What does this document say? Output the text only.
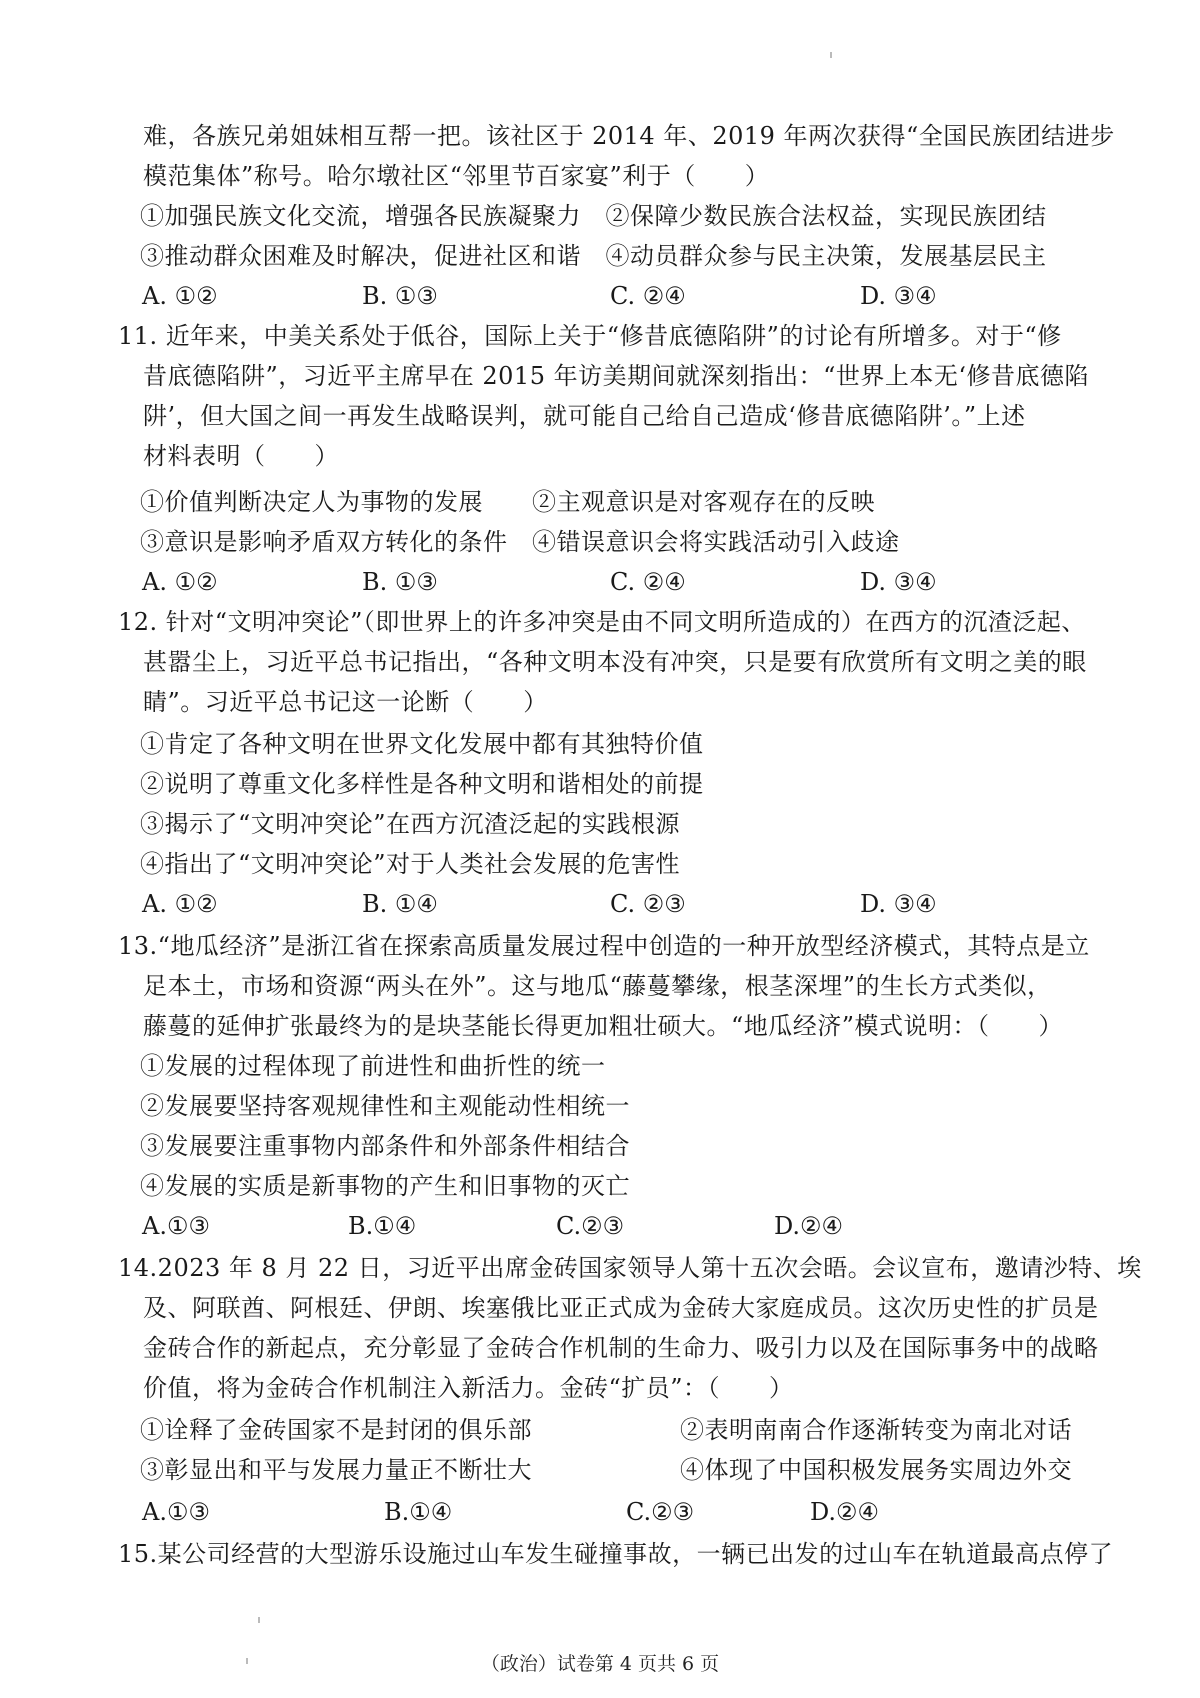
难，各族兄弟姐妹相互帮一把。该社区于 2014 年、2019 年两次获得“全国民族团结进步
模范集体”称号。哈尔墩社区“邻里节百家宴”利于（　　）
①加强民族文化交流，增强各民族凝聚力　②保障少数民族合法权益，实现民族团结
③推动群众困难及时解决，促进社区和谐　④动员群众参与民主决策，发展基层民主
A. ①②	B. ①③	C. ②④	D. ③④
11. 近年来，中美关系处于低谷，国际上关于“修昔底德陷阱”的讨论有所增多。对于“修
昔底德陷阱”，习近平主席早在 2015 年访美期间就深刻指出：“世界上本无‘修昔底德陷
阱’，但大国之间一再发生战略误判，就可能自己给自己造成‘修昔底德陷阱’。”上述
材料表明（　　）
①价值判断决定人为事物的发展　　②主观意识是对客观存在的反映
③意识是影响矛盾双方转化的条件　④错误意识会将实践活动引入歧途
A. ①②	B. ①③	C. ②④	D. ③④
12. 针对“文明冲突论”（即世界上的许多冲突是由不同文明所造成的）在西方的沉渣泛起、
甚嚣尘上，习近平总书记指出，“各种文明本没有冲突，只是要有欣赏所有文明之美的眼
睛”。习近平总书记这一论断（　　）
①肯定了各种文明在世界文化发展中都有其独特价值
②说明了尊重文化多样性是各种文明和谐相处的前提
③揭示了“文明冲突论”在西方沉渣泛起的实践根源
④指出了“文明冲突论”对于人类社会发展的危害性
A. ①②	B. ①④	C. ②③	D. ③④
13.“地瓜经济”是浙江省在探索高质量发展过程中创造的一种开放型经济模式，其特点是立
足本土，市场和资源“两头在外”。这与地瓜“藤蔓攀缘，根茎深埋”的生长方式类似，
藤蔓的延伸扩张最终为的是块茎能长得更加粗壮硕大。“地瓜经济”模式说明：（　　）
①发展的过程体现了前进性和曲折性的统一
②发展要坚持客观规律性和主观能动性相统一
③发展要注重事物内部条件和外部条件相结合
④发展的实质是新事物的产生和旧事物的灭亡
A.①③	B.①④	C.②③	D.②④
14.2023 年 8 月 22 日，习近平出席金砖国家领导人第十五次会晤。会议宣布，邀请沙特、埃
及、阿联酋、阿根廷、伊朗、埃塞俄比亚正式成为金砖大家庭成员。这次历史性的扩员是
金砖合作的新起点，充分彰显了金砖合作机制的生命力、吸引力以及在国际事务中的战略
价值，将为金砖合作机制注入新活力。金砖“扩员”：（　　）
①诠释了金砖国家不是封闭的俱乐部	②表明南南合作逐渐转变为南北对话
③彰显出和平与发展力量正不断壮大	④体现了中国积极发展务实周边外交
A.①③	B.①④	C.②③	D.②④
15.某公司经营的大型游乐设施过山车发生碰撞事故，一辆已出发的过山车在轨道最高点停了
（政治）试卷第 4 页共 6 页
